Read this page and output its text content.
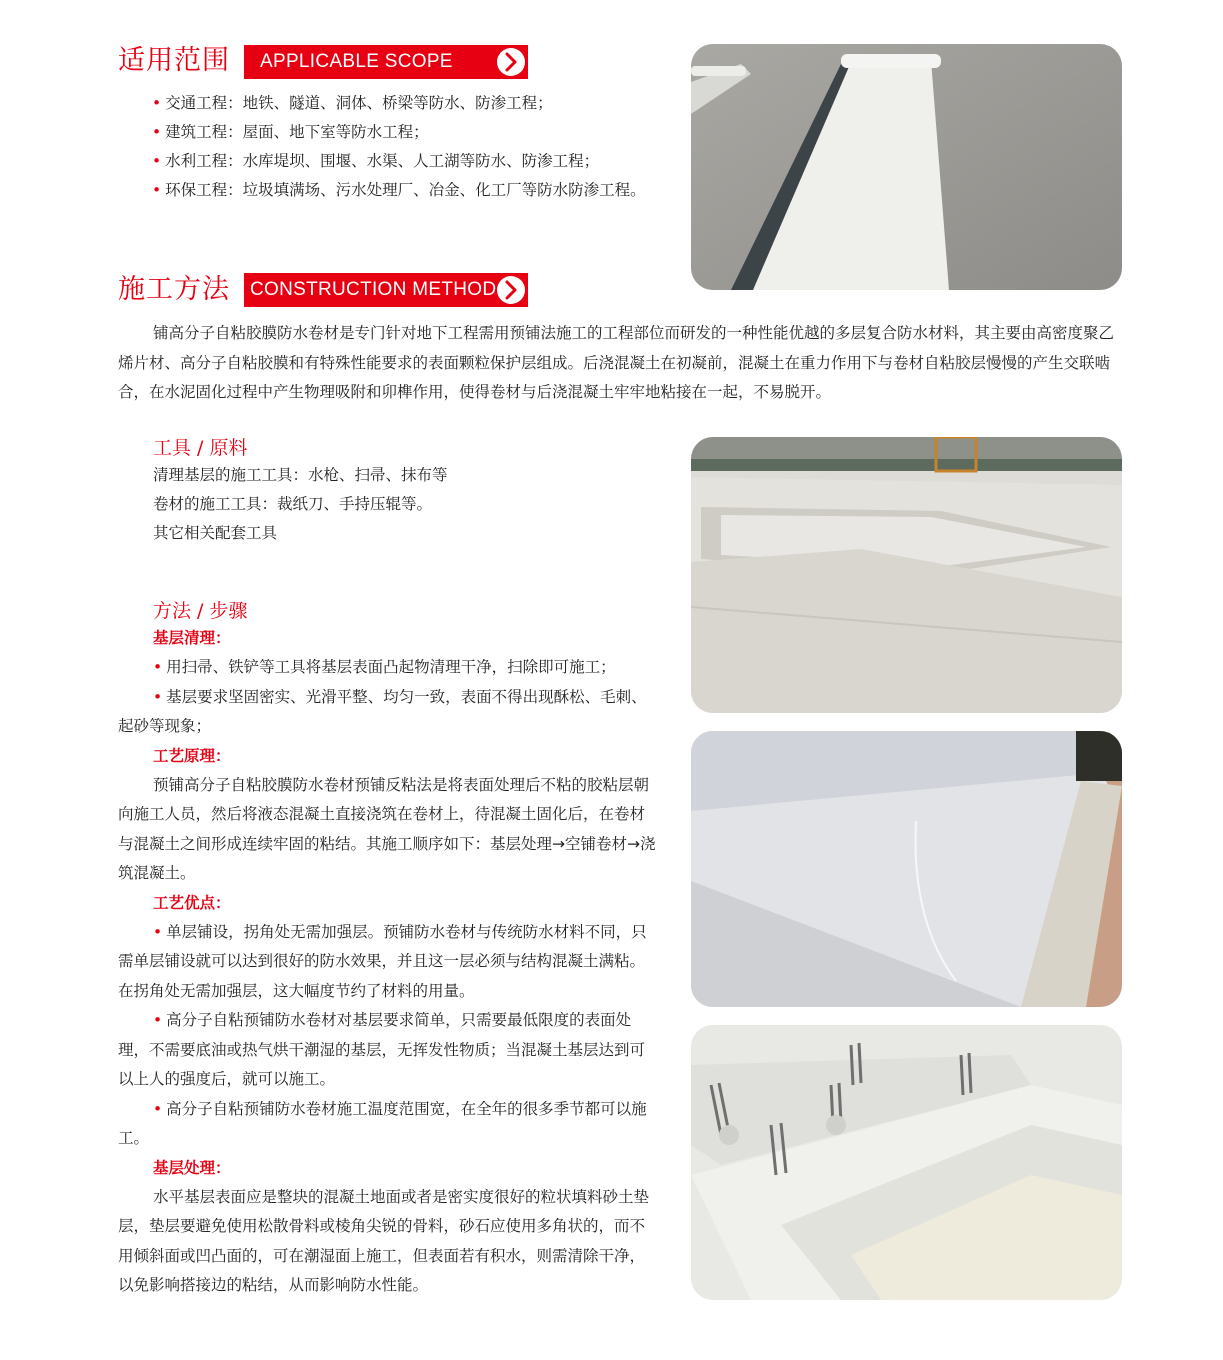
适用范围	APPLICABLE SCOPE
• 交通工程：地铁、隧道、洞体、桥梁等防水、防渗工程；
• 建筑工程：屋面、地下室等防水工程；
• 水利工程：水库堤坝、围堰、水渠、人工湖等防水、防渗工程；
• 环保工程：垃圾填满场、污水处理厂、冶金、化工厂等防水防渗工程。
施工方法	CONSTRUCTION METHOD

铺高分子自粘胶膜防水卷材是专门针对地下工程需用预铺法施工的工程部位而研发的一种性能优越的多层复合防水材料，其主要由高密度聚乙烯片材、高分子自粘胶膜和有特殊性能要求的表面颗粒保护层组成。后浇混凝土在初凝前，混凝土在重力作用下与卷材自粘胶层慢慢的产生交联啮合，在水泥固化过程中产生物理吸附和卯榫作用，使得卷材与后浇混凝土牢牢地粘接在一起，不易脱开。

工具 / 原料
清理基层的施工工具：水枪、扫帚、抹布等
卷材的施工工具：裁纸刀、手持压辊等。
其它相关配套工具
方法 / 步骤
基层清理：

• 用扫帚、铁铲等工具将基层表面凸起物清理干净，扫除即可施工；

• 基层要求坚固密实、光滑平整、均匀一致，表面不得出现酥松、毛刺、起砂等现象；

工艺原理：

预铺高分子自粘胶膜防水卷材预铺反粘法是将表面处理后不粘的胶粘层朝向施工人员，然后将液态混凝土直接浇筑在卷材上，待混凝土固化后，在卷材与混凝土之间形成连续牢固的粘结。其施工顺序如下：基层处理→空铺卷材→浇筑混凝土。

工艺优点：

• 单层铺设，拐角处无需加强层。预铺防水卷材与传统防水材料不同，只需单层铺设就可以达到很好的防水效果，并且这一层必须与结构混凝土满粘。在拐角处无需加强层，这大幅度节约了材料的用量。

• 高分子自粘预铺防水卷材对基层要求简单，只需要最低限度的表面处理，不需要底油或热气烘干潮湿的基层，无挥发性物质；当混凝土基层达到可以上人的强度后，就可以施工。

• 高分子自粘预铺防水卷材施工温度范围宽，在全年的很多季节都可以施工。

基层处理：

水平基层表面应是整块的混凝土地面或者是密实度很好的粒状填料砂土垫层，垫层要避免使用松散骨料或棱角尖锐的骨料，砂石应使用多角状的，而不用倾斜面或凹凸面的，可在潮湿面上施工，但表面若有积水，则需清除干净，以免影响搭接边的粘结，从而影响防水性能。
